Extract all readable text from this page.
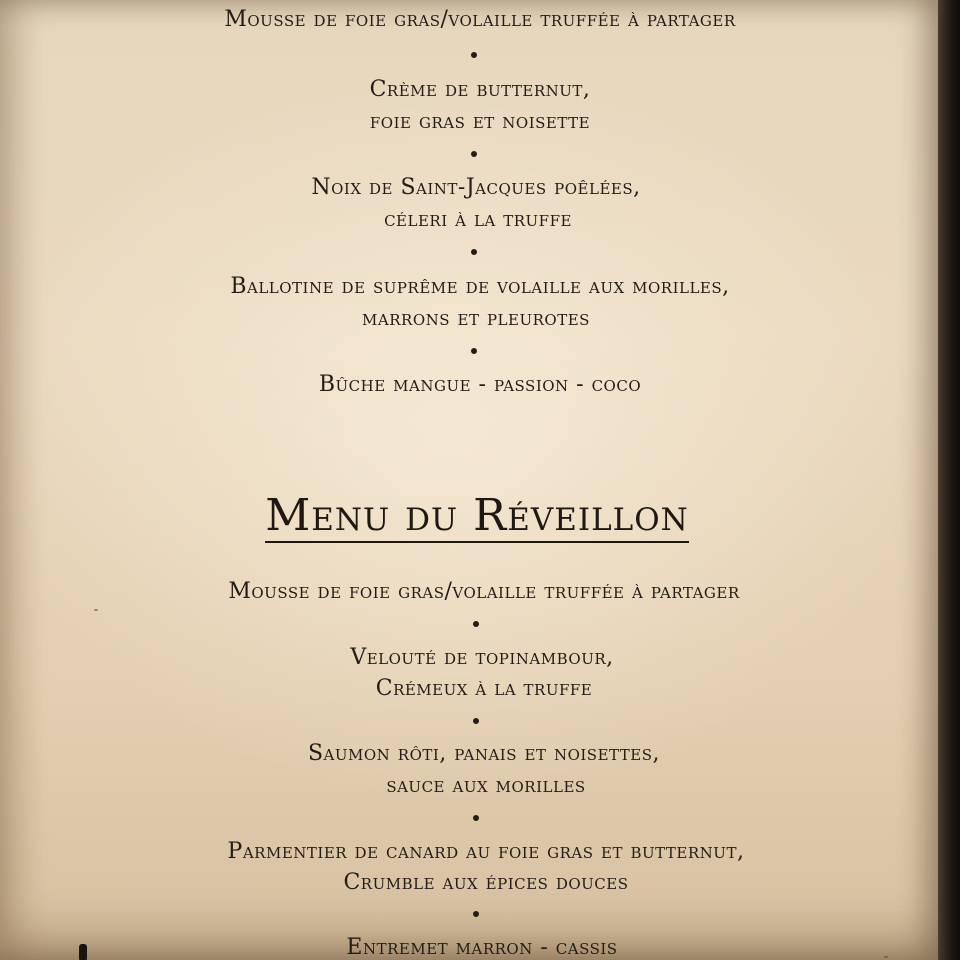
Mousse de foie gras/volaille truffée à partager
Crème de butternut,
foie gras et noisette
Noix de Saint-Jacques poêlées,
céleri à la truffe
Ballotine de suprême de volaille aux morilles,
marrons et pleurotes
Bûche mangue - passion - coco
Menu du Réveillon
Mousse de foie gras/volaille truffée à partager
Velouté de topinambour,
Crémeux à la truffe
Saumon rôti, panais et noisettes,
sauce aux morilles
Parmentier de canard au foie gras et butternut,
Crumble aux épices douces
Entremet marron - cassis
